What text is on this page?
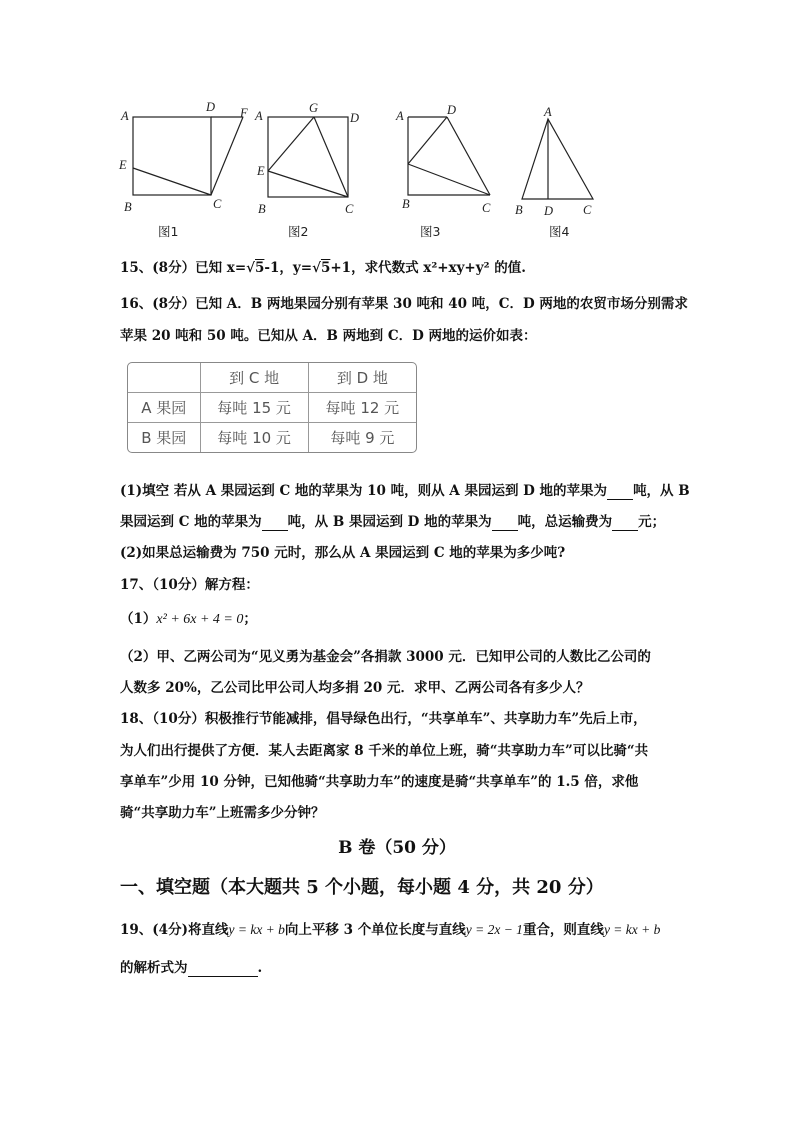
A
D F
E
B	C
A
G
D
E
B	C
A	D
B	C
A
B D C
图1	图2	图3	图4
15、(8分）已知 x=√5-1，y=√5+1，求代数式 x²+xy+y² 的值.
16、(8分）已知 A．B 两地果园分别有苹果 30 吨和 40 吨，C．D 两地的农贸市场分别需求
苹果 20 吨和 50 吨。已知从 A．B 两地到 C．D 两地的运价如表：
	到 C 地	到 D 地
A 果园	每吨 15 元	每吨 12 元
B 果园	每吨 10 元	每吨 9 元
(1)填空 若从 A 果园运到 C 地的苹果为 10 吨，则从 A 果园运到 D 地的苹果为 吨，从 B
果园运到 C 地的苹果为 吨，从 B 果园运到 D 地的苹果为 吨，总运输费为 元；
(2)如果总运输费为 750 元时，那么从 A 果园运到 C 地的苹果为多少吨?
17、（10分）解方程：
（1）x² + 6x + 4 = 0；
（2）甲、乙两公司为“见义勇为基金会”各捐款 3000 元．已知甲公司的人数比乙公司的
人数多 20%，乙公司比甲公司人均多捐 20 元．求甲、乙两公司各有多少人？
18、（10分）积极推行节能减排，倡导绿色出行，“共享单车”、共享助力车”先后上市，
为人们出行提供了方便．某人去距离家 8 千米的单位上班，骑“共享助力车”可以比骑“共
享单车”少用 10 分钟，已知他骑“共享助力车”的速度是骑“共享单车”的 1.5 倍，求他
骑“共享助力车”上班需多少分钟？
B 卷（50 分）
一、填空题（本大题共 5 个小题，每小题 4 分，共 20 分）
19、(4分)将直线y = kx + b向上平移 3 个单位长度与直线y = 2x − 1重合，则直线y = kx + b
的解析式为	.
